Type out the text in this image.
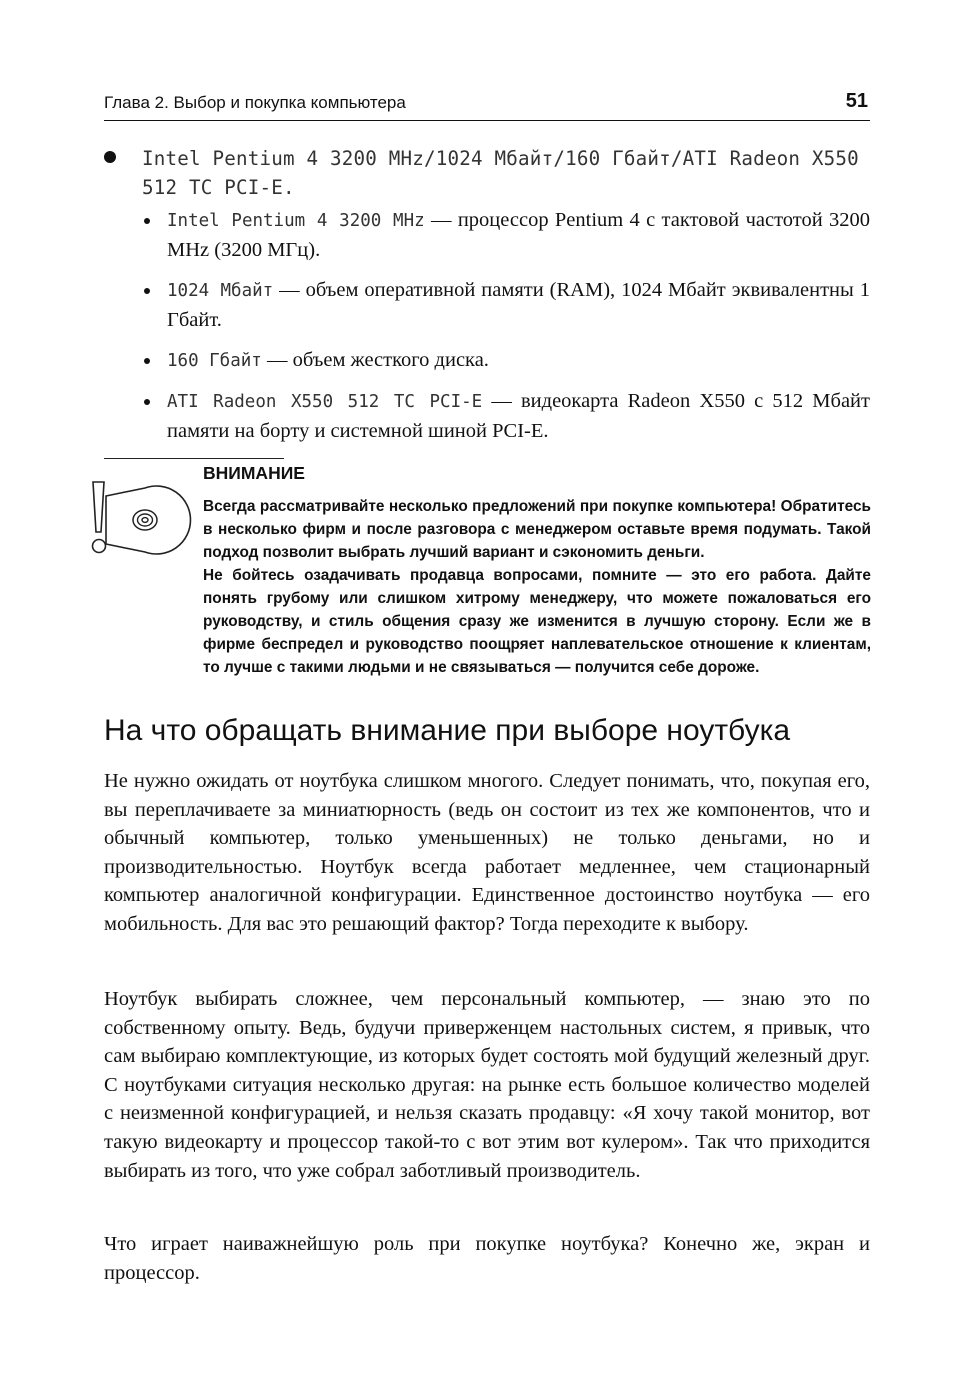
Глава 2. Выбор и покупка компьютера	51
Intel Pentium 4 3200 MHz/1024 Мбайт/160 Гбайт/ATI Radeon X550 512 TC PCI-E.
Intel Pentium 4 3200 MHz — процессор Pentium 4 с тактовой частотой 3200 MHz (3200 МГц).
1024 Мбайт — объем оперативной памяти (RAM), 1024 Мбайт эквивалентны 1 Гбайт.
160 Гбайт — объем жесткого диска.
ATI Radeon X550 512 TC PCI-E — видеокарта Radeon X550 с 512 Мбайт памяти на борту и системной шиной PCI-E.
ВНИМАНИЕ

Всегда рассматривайте несколько предложений при покупке компьютера! Обратитесь в несколько фирм и после разговора с менеджером оставьте время подумать. Такой подход позволит выбрать лучший вариант и сэкономить деньги.

Не бойтесь озадачивать продавца вопросами, помните — это его работа. Дайте понять грубому или слишком хитрому менеджеру, что можете пожаловаться его руководству, и стиль общения сразу же изменится в лучшую сторону. Если же в фирме беспредел и руководство поощряет наплевательское отношение к клиентам, то лучше с такими людьми и не связываться — получится себе дороже.

На что обращать внимание при выборе ноутбука

Не нужно ожидать от ноутбука слишком многого. Следует понимать, что, покупая его, вы переплачиваете за миниатюрность (ведь он состоит из тех же компонентов, что и обычный компьютер, только уменьшенных) не только деньгами, но и производительностью. Ноутбук всегда работает медленнее, чем стационарный компьютер аналогичной конфигурации. Единственное достоинство ноутбука — его мобильность. Для вас это решающий фактор? Тогда переходите к выбору.

Ноутбук выбирать сложнее, чем персональный компьютер, — знаю это по собственному опыту. Ведь, будучи приверженцем настольных систем, я привык, что сам выбираю комплектующие, из которых будет состоять мой будущий железный друг. С ноутбуками ситуация несколько другая: на рынке есть большое количество моделей с неизменной конфигурацией, и нельзя сказать продавцу: «Я хочу такой монитор, вот такую видеокарту и процессор такой-то с вот этим вот кулером». Так что приходится выбирать из того, что уже собрал заботливый производитель.

Что играет наиважнейшую роль при покупке ноутбука? Конечно же, экран и процессор.
